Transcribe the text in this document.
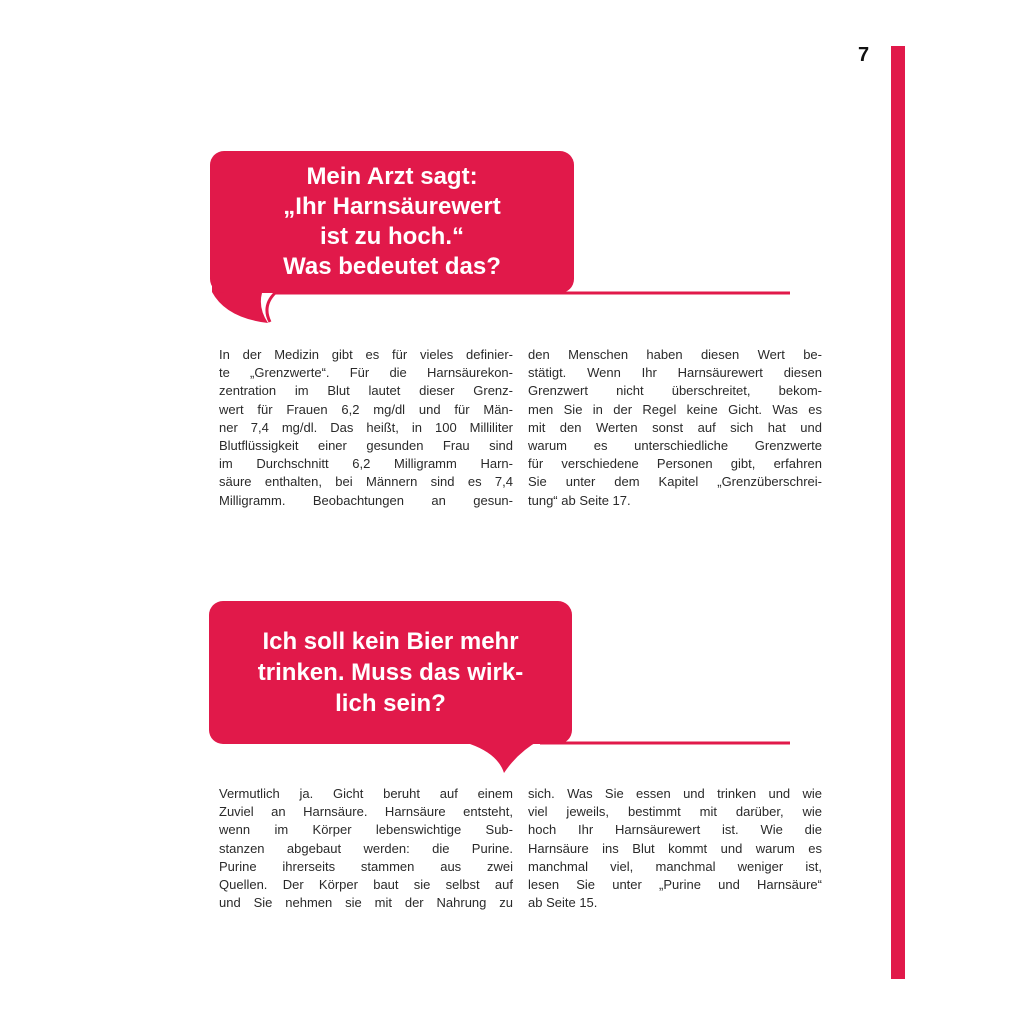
7
Mein Arzt sagt:
„Ihr Harnsäurewert
ist zu hoch.“
Was bedeutet das?
In der Medizin gibt es für vieles definier-
te „Grenzwerte“. Für die Harnsäurekon-
zentration im Blut lautet dieser Grenz-
wert für Frauen 6,2 mg/dl und für Män-
ner 7,4 mg/dl. Das heißt, in 100 Milliliter
Blutflüssigkeit einer gesunden Frau sind
im Durchschnitt 6,2 Milligramm Harn-
säure enthalten, bei Männern sind es 7,4
Milligramm. Beobachtungen an gesun-
den Menschen haben diesen Wert be-
stätigt. Wenn Ihr Harnsäurewert diesen
Grenzwert nicht überschreitet, bekom-
men Sie in der Regel keine Gicht. Was es
mit den Werten sonst auf sich hat und
warum es unterschiedliche Grenzwerte
für verschiedene Personen gibt, erfahren
Sie unter dem Kapitel „Grenzüberschrei-
tung“ ab Seite 17.
Ich soll kein Bier mehr
trinken. Muss das wirk-
lich sein?
Vermutlich ja. Gicht beruht auf einem
Zuviel an Harnsäure. Harnsäure entsteht,
wenn im Körper lebenswichtige Sub-
stanzen abgebaut werden: die Purine.
Purine ihrerseits stammen aus zwei
Quellen. Der Körper baut sie selbst auf
und Sie nehmen sie mit der Nahrung zu
sich. Was Sie essen und trinken und wie
viel jeweils, bestimmt mit darüber, wie
hoch Ihr Harnsäurewert ist. Wie die
Harnsäure ins Blut kommt und warum es
manchmal viel, manchmal weniger ist,
lesen Sie unter „Purine und Harnsäure“
ab Seite 15.
